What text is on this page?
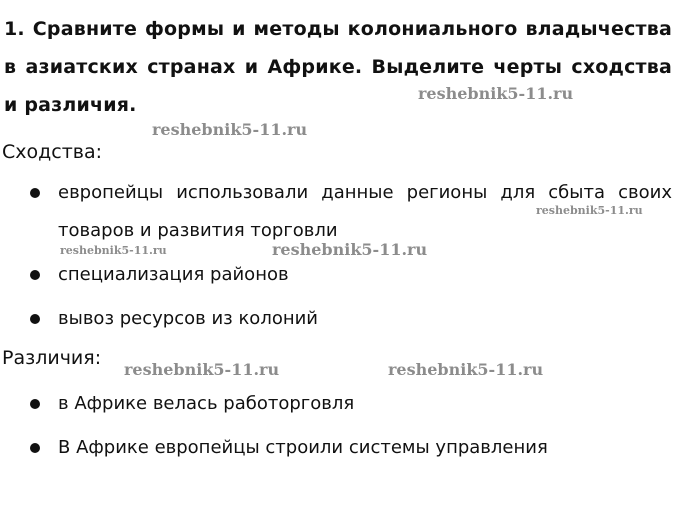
1. Сравните формы и методы колониального владычества в азиатских странах и Африке. Выделите черты сходства и различия.
Сходства:
европейцы использовали данные регионы для сбыта своих товаров и развития торговли
специализация районов
вывоз ресурсов из колоний
Различия:
в Африке велась работорговля
В Африке европейцы строили системы управления
reshebnik5-11.ru
reshebnik5-11.ru
reshebnik5-11.ru
reshebnik5-11.ru	reshebnik5-11.ru
reshebnik5-11.ru	reshebnik5-11.ru
